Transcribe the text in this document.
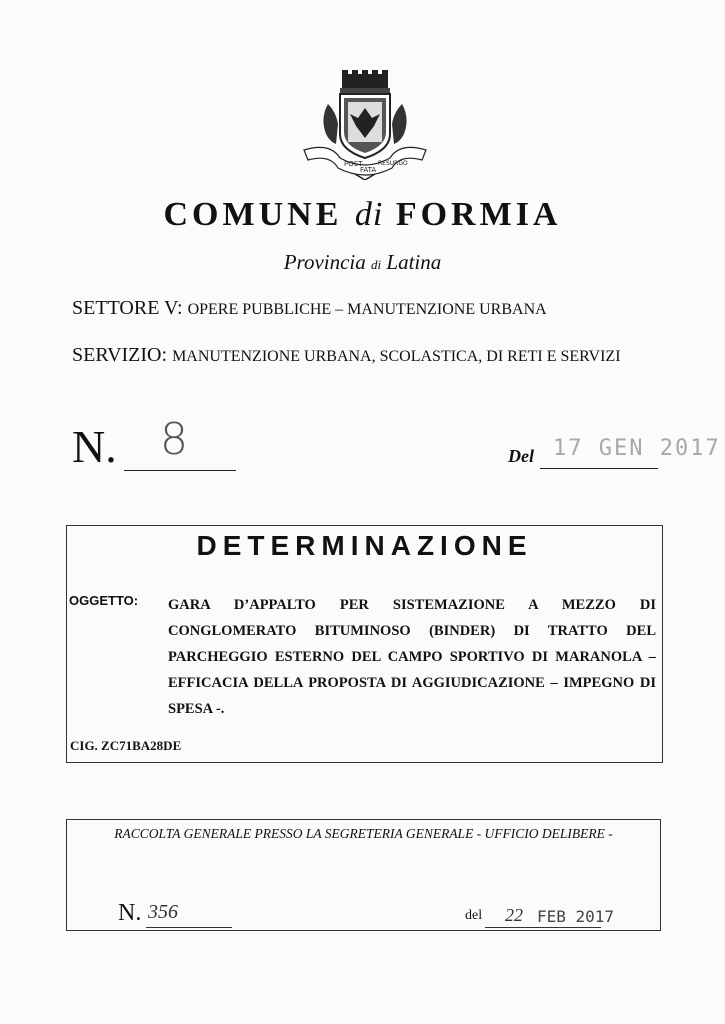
POST
FATA
RESURGO
COMUNE di FORMIA
Provincia di Latina
SETTORE V: OPERE PUBBLICHE – MANUTENZIONE URBANA
SERVIZIO: MANUTENZIONE URBANA, SCOLASTICA, DI RETI E SERVIZI
N. 8	17 GEN 2017
Del
DETERMINAZIONE
OGGETTO: GARA D’APPALTO PER SISTEMAZIONE A MEZZO DI CONGLOMERATO BITUMINOSO (BINDER) DI TRATTO DEL PARCHEGGIO ESTERNO DEL CAMPO SPORTIVO DI MARANOLA – EFFICACIA DELLA PROPOSTA DI AGGIUDICAZIONE – IMPEGNO DI SPESA -.
CIG. ZC71BA28DE
RACCOLTA GENERALE PRESSO LA SEGRETERIA GENERALE - UFFICIO DELIBERE -
N. 356	del 22 FEB 2017
